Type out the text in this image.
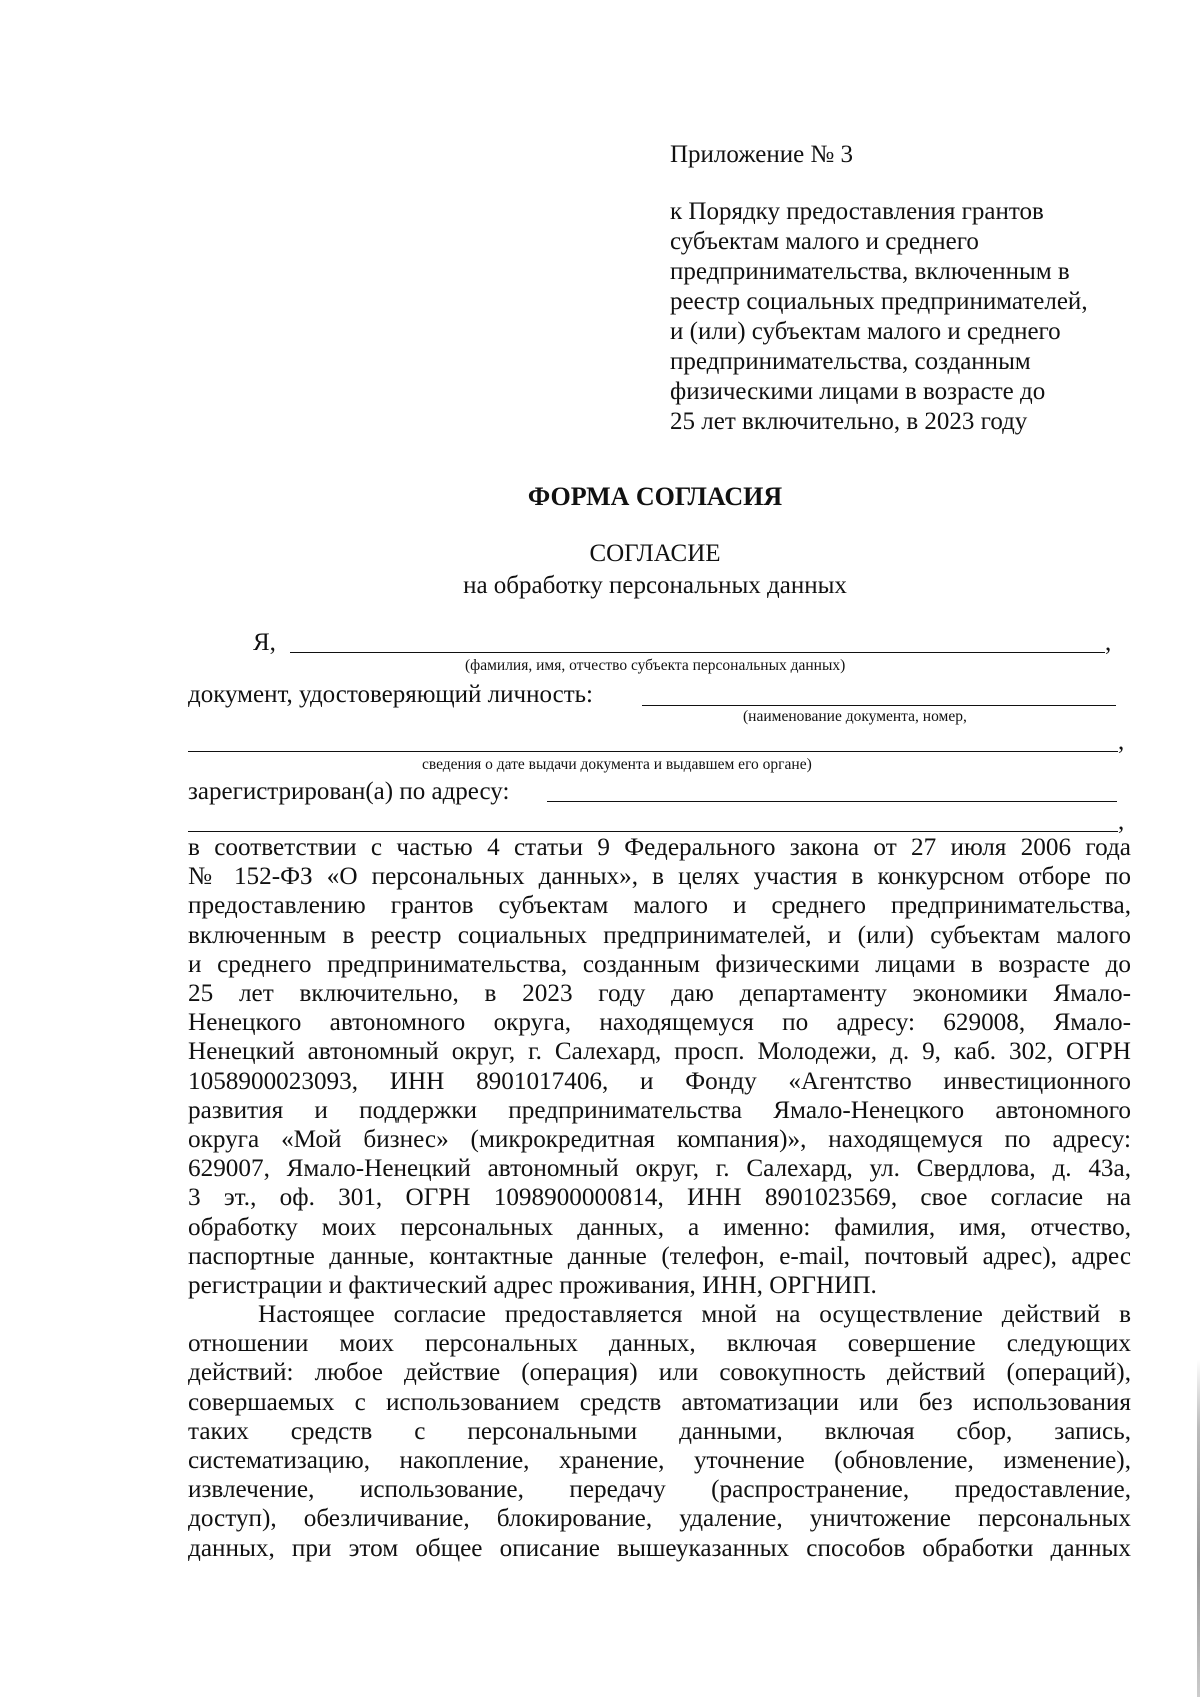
Приложение № 3
к Порядку предоставления грантов
субъектам малого и среднего
предпринимательства, включенным в
реестр социальных предпринимателей,
и (или) субъектам малого и среднего
предпринимательства, созданным
физическими лицами в возрасте до
25 лет включительно, в 2023 году
ФОРМА СОГЛАСИЯ
СОГЛАСИЕ
на обработку персональных данных
Я,	,
(фамилия, имя, отчество субъекта персональных данных)
документ, удостоверяющий личность:
(наименование документа, номер,
,
сведения о дате выдачи документа и выдавшем его органе)
зарегистрирован(а) по адресу:
,
в соответствии с частью 4 статьи 9 Федерального закона от 27 июля 2006 года
№ 152-ФЗ «О персональных данных», в целях участия в конкурсном отборе по
предоставлению грантов субъектам малого и среднего предпринимательства,
включенным в реестр социальных предпринимателей, и (или) субъектам малого
и среднего предпринимательства, созданным физическими лицами в возрасте до
25 лет включительно, в 2023 году даю департаменту экономики Ямало-
Ненецкого автономного округа, находящемуся по адресу: 629008, Ямало-
Ненецкий автономный округ, г. Салехард, просп. Молодежи, д. 9, каб. 302, ОГРН
1058900023093, ИНН 8901017406, и Фонду «Агентство инвестиционного
развития и поддержки предпринимательства Ямало-Ненецкого автономного
округа «Мой бизнес» (микрокредитная компания)», находящемуся по адресу:
629007, Ямало-Ненецкий автономный округ, г. Салехард, ул. Свердлова, д. 43а,
3 эт., оф. 301, ОГРН 1098900000814, ИНН 8901023569, свое согласие на
обработку моих персональных данных, а именно: фамилия, имя, отчество,
паспортные данные, контактные данные (телефон, e-mail, почтовый адрес), адрес
регистрации и фактический адрес проживания, ИНН, ОРГНИП.
Настоящее согласие предоставляется мной на осуществление действий в
отношении моих персональных данных, включая совершение следующих
действий: любое действие (операция) или совокупность действий (операций),
совершаемых с использованием средств автоматизации или без использования
таких средств с персональными данными, включая сбор, запись,
систематизацию, накопление, хранение, уточнение (обновление, изменение),
извлечение, использование, передачу (распространение, предоставление,
доступ), обезличивание, блокирование, удаление, уничтожение персональных
данных, при этом общее описание вышеуказанных способов обработки данных
